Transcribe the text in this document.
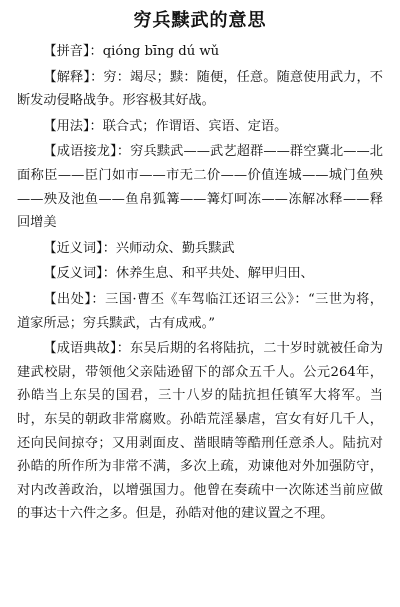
穷兵黩武的意思

【拼音】：qióng bīng dú wǔ

【解释】：穷：竭尽；黩：随便，任意。随意使用武力，不断发动侵略战争。形容极其好战。

【用法】：联合式；作谓语、宾语、定语。

【成语接龙】：穷兵黩武——武艺超群——群空冀北——北面称臣——臣门如市——市无二价——价值连城——城门鱼殃——殃及池鱼——鱼帛狐篝——篝灯呵冻——冻解冰释——释回增美

【近义词】：兴师动众、勤兵黩武

【反义词】：休养生息、和平共处、解甲归田、

【出处】：三国·曹丕《车驾临江还诏三公》：“三世为将，道家所忌；穷兵黩武，古有成戒。”

【成语典故】：东吴后期的名将陆抗，二十岁时就被任命为建武校尉，带领他父亲陆逊留下的部众五千人。公元264年，孙皓当上东吴的国君，三十八岁的陆抗担任镇军大将军。当时，东吴的朝政非常腐败。孙皓荒淫暴虐，宫女有好几千人，还向民间掠夺；又用剥面皮、凿眼睛等酷刑任意杀人。陆抗对孙皓的所作所为非常不满，多次上疏，劝谏他对外加强防守，对内改善政治，以增强国力。他曾在奏疏中一次陈述当前应做的事达十六件之多。但是，孙皓对他的建议置之不理。
